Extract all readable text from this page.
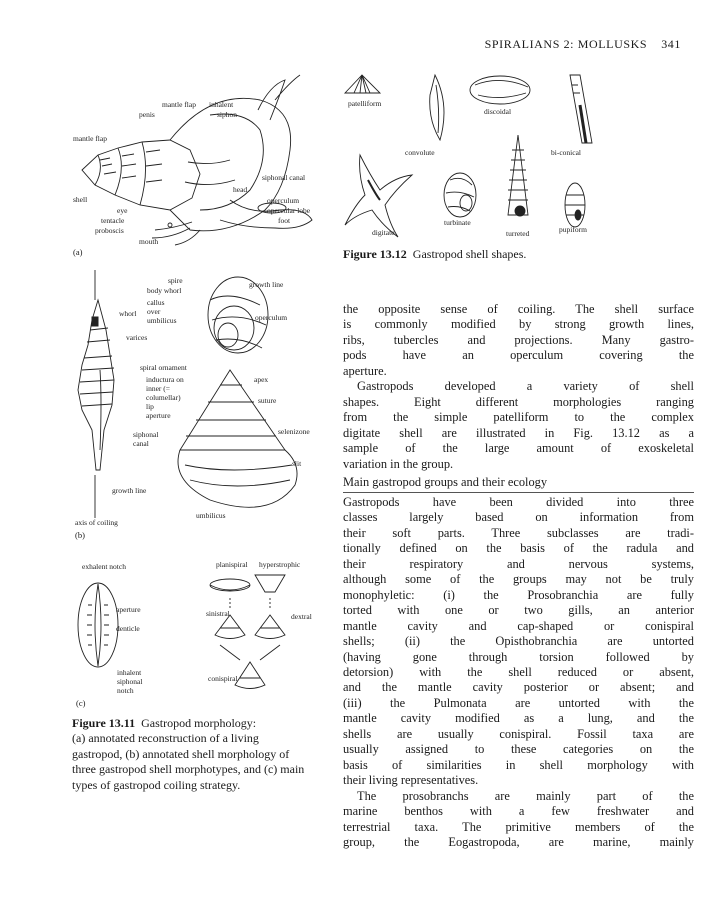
SPIRALIANS 2: MOLLUSKS 341
mantle flap inhalent
penis	siphon
mantle flap
siphonal canal
head
shell	operculum
eye	opercular lobe
tentacle	foot
proboscis
mouth
(a)
spire
body whorl
growth line
callus
whorl over
umbilicus	operculum
varices
spiral ornament
inductura on	apex
inner (=
columellar)	suture
lip
aperture
siphonal	selenizone
canal
slit
growth line
umbilicus
axis of coiling
(b)
exhalent notch	planispiral hyperstrophic
aperture	sinistral	dextral
denticle
inhalent
conispiral
siphonal
notch
(c)
Figure 13.11 Gastropod morphology:
(a) annotated reconstruction of a living
gastropod, (b) annotated shell morphology of
three gastropod shell morphotypes, and (c) main
types of gastropod coiling strategy.
patelliform
discoidal
convolute	bi-conical
turbinate
pupiform
digitate	turreted
Figure 13.12 Gastropod shell shapes.

the opposite sense of coiling. The shell surface
is commonly modified by strong growth lines,
ribs, tubercles and projections. Many gastro-
pods have an operculum covering the
aperture.

Gastropods developed a variety of shell
shapes. Eight different morphologies ranging
from the simple patelliform to the complex
digitate shell are illustrated in Fig. 13.12 as a
sample of the large amount of exoskeletal
variation in the group.

Main gastropod groups and their ecology

Gastropods have been divided into three
classes largely based on information from
their soft parts. Three subclasses are tradi-
tionally defined on the basis of the radula and
their respiratory and nervous systems,
although some of the groups may not be truly
monophyletic: (i) the Prosobranchia are fully
torted with one or two gills, an anterior
mantle cavity and cap-shaped or conispiral
shells; (ii) the Opisthobranchia are untorted
(having gone through torsion followed by
detorsion) with the shell reduced or absent,
and the mantle cavity posterior or absent; and
(iii) the Pulmonata are untorted with the
mantle cavity modified as a lung, and the
shells are usually conispiral. Fossil taxa are
usually assigned to these categories on the
basis of similarities in shell morphology with
their living representatives.

The prosobranchs are mainly part of the
marine benthos with a few freshwater and
terrestrial taxa. The primitive members of the
group, the Eogastropoda, are marine, mainly
